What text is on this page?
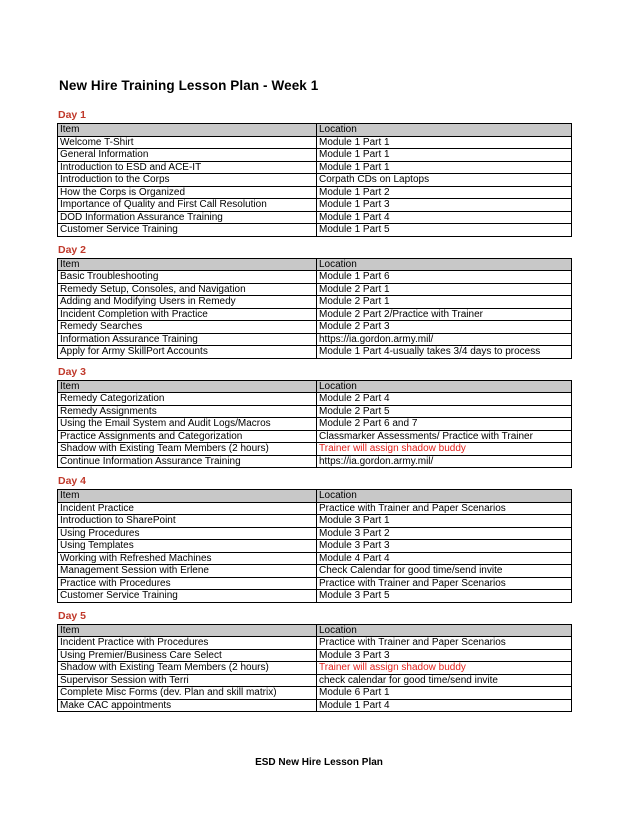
New Hire Training Lesson Plan - Week 1
Day 1
Item	Location
Welcome T-Shirt	Module 1 Part 1
General Information	Module 1 Part 1
Introduction to ESD and ACE-IT	Module 1 Part 1
Introduction to the Corps	Corpath CDs on Laptops
How the Corps is Organized	Module 1 Part 2
Importance of Quality and First Call Resolution	Module 1 Part 3
DOD Information Assurance Training	Module 1 Part 4
Customer Service Training	Module 1 Part 5
Day 2
Item	Location
Basic Troubleshooting	Module 1 Part 6
Remedy Setup, Consoles, and Navigation	Module 2 Part 1
Adding and Modifying Users in Remedy	Module 2 Part 1
Incident Completion with Practice	Module 2 Part 2/Practice with Trainer
Remedy Searches	Module 2 Part 3
Information Assurance Training	https://ia.gordon.army.mil/
Apply for Army SkillPort Accounts	Module 1 Part 4-usually takes 3/4 days to process
Day 3
Item	Location
Remedy Categorization	Module 2 Part 4
Remedy Assignments	Module 2 Part 5
Using the Email System and Audit Logs/Macros	Module 2 Part 6 and 7
Practice Assignments and Categorization	Classmarker Assessments/ Practice with Trainer
Shadow with Existing Team Members (2 hours)	Trainer will assign shadow buddy
Continue Information Assurance Training	https://ia.gordon.army.mil/
Day 4
Item	Location
Incident Practice	Practice with Trainer and Paper Scenarios
Introduction to SharePoint	Module 3 Part 1
Using Procedures	Module 3 Part 2
Using Templates	Module 3 Part 3
Working with Refreshed Machines	Module 4 Part 4
Management Session with Erlene	Check Calendar for good time/send invite
Practice with Procedures	Practice with Trainer and Paper Scenarios
Customer Service Training	Module 3 Part 5
Day 5
Item	Location
Incident Practice with Procedures	Practice with Trainer and Paper Scenarios
Using Premier/Business Care Select	Module 3 Part 3
Shadow with Existing Team Members (2 hours)	Trainer will assign shadow buddy
Supervisor Session with Terri	check calendar for good time/send invite
Complete Misc Forms (dev. Plan and skill matrix)	Module 6 Part 1
Make CAC appointments	Module 1 Part 4
ESD New Hire Lesson Plan
